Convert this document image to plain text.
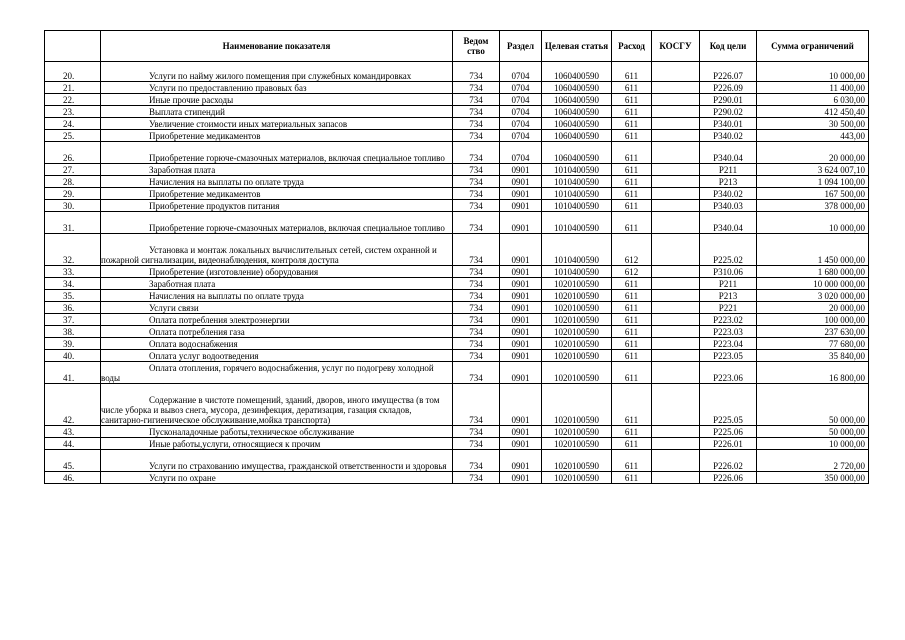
	Наименование показателя	Ведом ство	Раздел	Целевая статья	Расход	КОСГУ	Код цели	Сумма ограничений
20.	Услуги по найму жилого помещения при служебных командировках	734	0704	1060400590	611		P226.07	10 000,00
21.	Услуги по предоставлению правовых баз	734	0704	1060400590	611		P226.09	11 400,00
22.	Иные прочие расходы	734	0704	1060400590	611		P290.01	6 030,00
23.	Выплата стипендий	734	0704	1060400590	611		P290.02	412 450,40
24.	Увеличение стоимости иных материальных запасов	734	0704	1060400590	611		P340.01	30 500,00
25.	Приобретение медикаментов	734	0704	1060400590	611		P340.02	443,00
26.	Приобретение горюче-смазочных материалов, включая специальное топливо	734	0704	1060400590	611		P340.04	20 000,00
27.	Заработная плата	734	0901	1010400590	611		P211	3 624 007,10
28.	Начисления на выплаты по оплате труда	734	0901	1010400590	611		P213	1 094 100,00
29.	Приобретение медикаментов	734	0901	1010400590	611		P340.02	167 500,00
30.	Приобретение продуктов питания	734	0901	1010400590	611		P340.03	378 000,00
31.	Приобретение горюче-смазочных материалов, включая специальное топливо	734	0901	1010400590	611		P340.04	10 000,00
32.	Установка и монтаж локальных вычислительных сетей, систем охранной и пожарной сигнализации, видеонаблюдения, контроля доступа	734	0901	1010400590	612		P225.02	1 450 000,00
33.	Приобретение (изготовление) оборудования	734	0901	1010400590	612		P310.06	1 680 000,00
34.	Заработная плата	734	0901	1020100590	611		P211	10 000 000,00
35.	Начисления на выплаты по оплате труда	734	0901	1020100590	611		P213	3 020 000,00
36.	Услуги связи	734	0901	1020100590	611		P221	20 000,00
37.	Оплата потребления электроэнергии	734	0901	1020100590	611		P223.02	100 000,00
38.	Оплата потребления газа	734	0901	1020100590	611		P223.03	237 630,00
39.	Оплата водоснабжения	734	0901	1020100590	611		P223.04	77 680,00
40.	Оплата услуг водоотведения	734	0901	1020100590	611		P223.05	35 840,00
41.	Оплата отопления, горячего водоснабжения, услуг по подогреву холодной воды	734	0901	1020100590	611		P223.06	16 800,00
42.	Содержание в чистоте помещений, зданий, дворов, иного имущества (в том числе уборка и вывоз снега, мусора, дезинфекция, дератизация, газация складов, санитарно-гигиеническое обслуживание,мойка транспорта)	734	0901	1020100590	611		P225.05	50 000,00
43.	Пусконаладочные работы,техническое обслуживание	734	0901	1020100590	611		P225.06	50 000,00
44.	Иные работы,услуги, относящиеся к прочим	734	0901	1020100590	611		P226.01	10 000,00
45.	Услуги по страхованию имущества, гражданской ответственности и здоровья	734	0901	1020100590	611		P226.02	2 720,00
46.	Услуги по охране	734	0901	1020100590	611		P226.06	350 000,00
